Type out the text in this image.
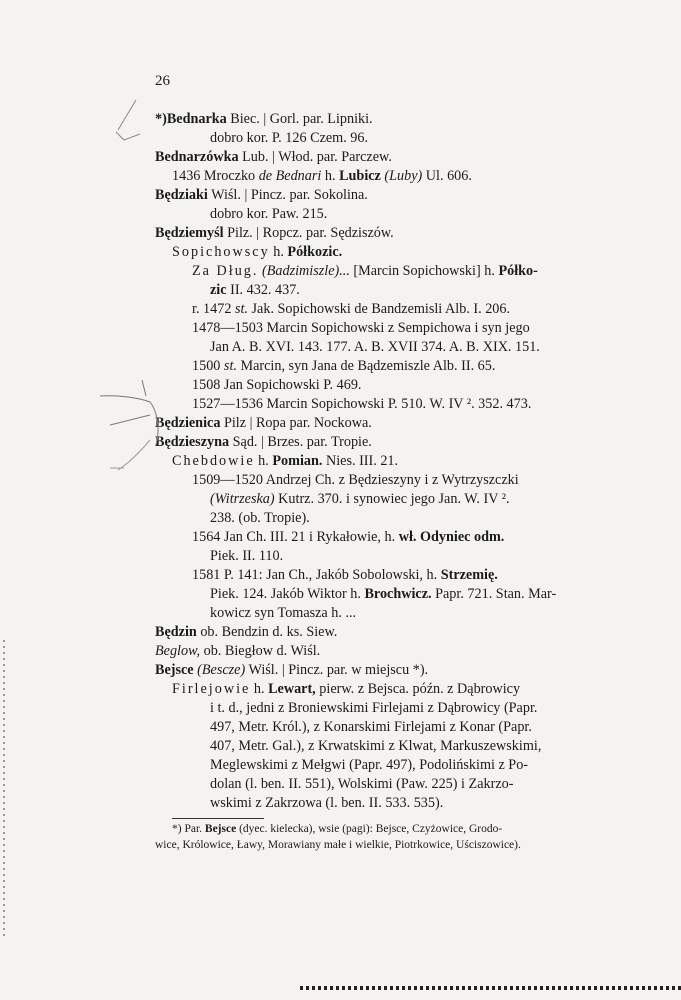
26
*)Bednarka Biec. | Gorl. par. Lipniki.
dobro kor. P. 126 Czem. 96.
Bednarzówka Lub. | Włod. par. Parczew.
1436 Mroczko de Bednari h. Lubicz (Luby) Ul. 606.
Będziaki Wiśl. | Pincz. par. Sokolina.
dobro kor. Paw. 215.
Będziemyśl Pilz. | Ropcz. par. Sędziszów.
Sopichowscy h. Półkozic.
Za Dług. (Badzimiszle)... [Marcin Sopichowski] h. Półko-
zic II. 432. 437.
r. 1472 st. Jak. Sopichowski de Bandzemisli Alb. I. 206.
1478—1503 Marcin Sopichowski z Sempichowa i syn jego
Jan A. B. XVI. 143. 177. A. B. XVII 374. A. B. XIX. 151.
1500 st. Marcin, syn Jana de Bądzemiszle Alb. II. 65.
1508 Jan Sopichowski P. 469.
1527—1536 Marcin Sopichowski P. 510. W. IV ². 352. 473.
Będzienica Pilz | Ropa par. Nockowa.
Będzieszyna Sąd. | Brzes. par. Tropie.
Chebdowie h. Pomian. Nies. III. 21.
1509—1520 Andrzej Ch. z Będzieszyny i z Wytrzyszczki
(Witrzeska) Kutrz. 370. i synowiec jego Jan. W. IV ².
238. (ob. Tropie).
1564 Jan Ch. III. 21 i Rykałowie, h. wł. Odyniec odm.
Piek. II. 110.
1581 P. 141: Jan Ch., Jakób Sobolowski, h. Strzemię.
Piek. 124. Jakób Wiktor h. Brochwicz. Papr. 721. Stan. Mar-
kowicz syn Tomasza h. ...
Będzin ob. Bendzin d. ks. Siew.
Beglow, ob. Biegłow d. Wiśl.
Bejsce (Bescze) Wiśl. | Pincz. par. w miejscu *).
Firlejowie h. Lewart, pierw. z Bejsca. późn. z Dąbrowicy
i t. d., jedni z Broniewskimi Firlejami z Dąbrowicy (Papr.
497, Metr. Król.), z Konarskimi Firlejami z Konar (Papr.
407, Metr. Gal.), z Krwatskimi z Klwat, Markuszewskimi,
Meglewskimi z Mełgwi (Papr. 497), Podolińskimi z Po-
dolan (l. ben. II. 551), Wolskimi (Paw. 225) i Zakrzo-
wskimi z Zakrzowa (l. ben. II. 533. 535).
*) Par. Bejsce (dyec. kielecka), wsie (pagi): Bejsce, Czyżowice, Grodo-
wice, Królowice, Ławy, Morawiany małe i wielkie, Piotrkowice, Uściszowice).
